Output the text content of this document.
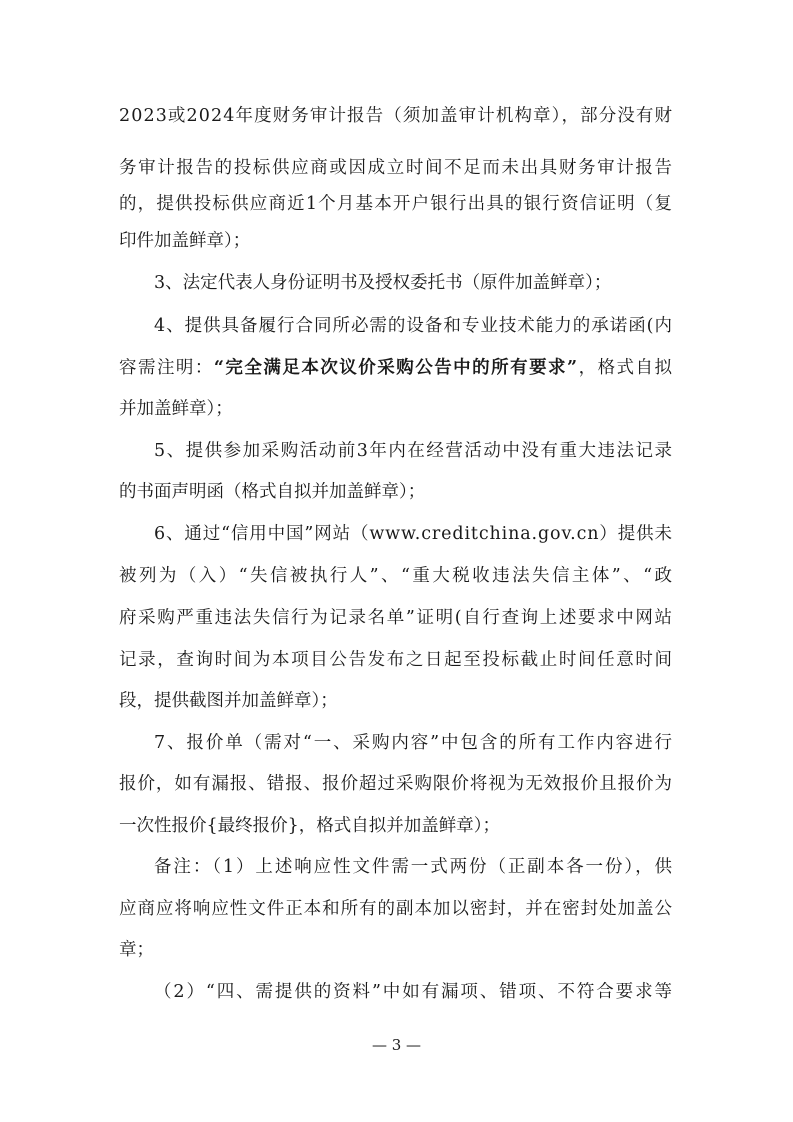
2023或2024年度财务审计报告（须加盖审计机构章），部分没有财
务审计报告的投标供应商或因成立时间不足而未出具财务审计报告
的，提供投标供应商近1个月基本开户银行出具的银行资信证明（复
印件加盖鲜章）；
3、法定代表人身份证明书及授权委托书（原件加盖鲜章）；
4、提供具备履行合同所必需的设备和专业技术能力的承诺函(内
容需注明：“完全满足本次议价采购公告中的所有要求”，格式自拟
并加盖鲜章）；
5、提供参加采购活动前3年内在经营活动中没有重大违法记录
的书面声明函（格式自拟并加盖鲜章）；
6、通过“信用中国”网站（www.creditchina.gov.cn）提供未
被列为（入）“失信被执行人”、“重大税收违法失信主体”、“政
府采购严重违法失信行为记录名单”证明(自行查询上述要求中网站
记录，查询时间为本项目公告发布之日起至投标截止时间任意时间
段，提供截图并加盖鲜章）；
7、报价单（需对“一、采购内容”中包含的所有工作内容进行
报价，如有漏报、错报、报价超过采购限价将视为无效报价且报价为
一次性报价{最终报价}，格式自拟并加盖鲜章）；
备注：（1）上述响应性文件需一式两份（正副本各一份），供
应商应将响应性文件正本和所有的副本加以密封，并在密封处加盖公
章；
（2）“四、需提供的资料”中如有漏项、错项、不符合要求等
— 3 —
